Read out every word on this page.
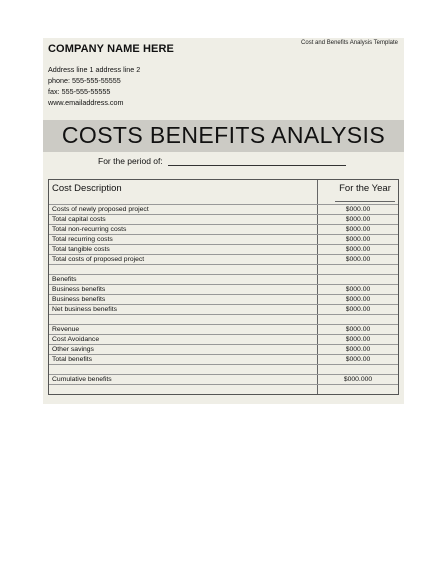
Cost and Benefits Analysis Template
COMPANY NAME HERE
Address line 1 address line 2
phone: 555-555-55555
fax: 555-555-55555
www.emailaddress.com
COSTS BENEFITS ANALYSIS
For the period of:
Cost Description	For the Year
Costs of newly proposed project	$000.00
Total capital costs	$000.00
Total non-recurring costs	$000.00
Total recurring costs	$000.00
Total tangible costs	$000.00
Total costs of proposed project	$000.00
Benefits
Business benefits	$000.00
Business benefits	$000.00
Net business benefits	$000.00
Revenue	$000.00
Cost Avoidance	$000.00
Other savings	$000.00
Total benefits	$000.00
Cumulative benefits	$000.000
